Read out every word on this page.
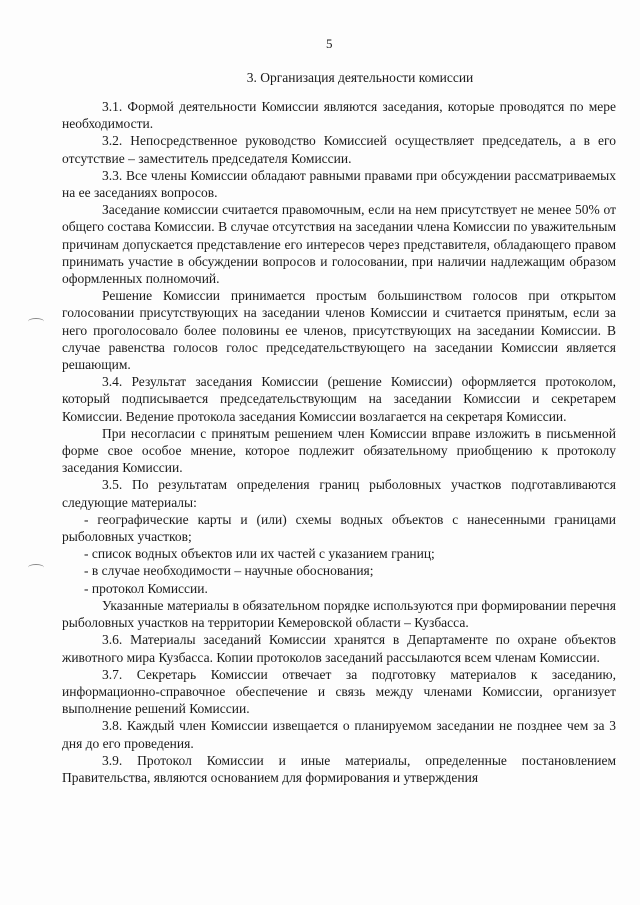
5
3. Организация деятельности комиссии

3.1. Формой деятельности Комиссии являются заседания, которые проводятся по мере необходимости.

3.2. Непосредственное руководство Комиссией осуществляет председатель, а в его отсутствие – заместитель председателя Комиссии.

3.3. Все члены Комиссии обладают равными правами при обсуждении рассматриваемых на ее заседаниях вопросов.

Заседание комиссии считается правомочным, если на нем присутствует не менее 50% от общего состава Комиссии. В случае отсутствия на заседании члена Комиссии по уважительным причинам допускается представление его интересов через представителя, обладающего правом принимать участие в обсуждении вопросов и голосовании, при наличии надлежащим образом оформленных полномочий.

Решение Комиссии принимается простым большинством голосов при открытом голосовании присутствующих на заседании членов Комиссии и считается принятым, если за него проголосовало более половины ее членов, присутствующих на заседании Комиссии. В случае равенства голосов голос председательствующего на заседании Комиссии является решающим.

3.4. Результат заседания Комиссии (решение Комиссии) оформляется протоколом, который подписывается председательствующим на заседании Комиссии и секретарем Комиссии. Ведение протокола заседания Комиссии возлагается на секретаря Комиссии.

При несогласии с принятым решением член Комиссии вправе изложить в письменной форме свое особое мнение, которое подлежит обязательному приобщению к протоколу заседания Комиссии.

3.5. По результатам определения границ рыболовных участков подготавливаются следующие материалы:

- географические карты и (или) схемы водных объектов с нанесенными границами рыболовных участков;

- список водных объектов или их частей с указанием границ;

- в случае необходимости – научные обоснования;

- протокол Комиссии.

Указанные материалы в обязательном порядке используются при формировании перечня рыболовных участков на территории Кемеровской области – Кузбасса.

3.6. Материалы заседаний Комиссии хранятся в Департаменте по охране объектов животного мира Кузбасса. Копии протоколов заседаний рассылаются всем членам Комиссии.

3.7. Секретарь Комиссии отвечает за подготовку материалов к заседанию, информационно-справочное обеспечение и связь между членами Комиссии, организует выполнение решений Комиссии.

3.8. Каждый член Комиссии извещается о планируемом заседании не позднее чем за 3 дня до его проведения.

3.9. Протокол Комиссии и иные материалы, определенные постановлением Правительства, являются основанием для формирования и утверждения
